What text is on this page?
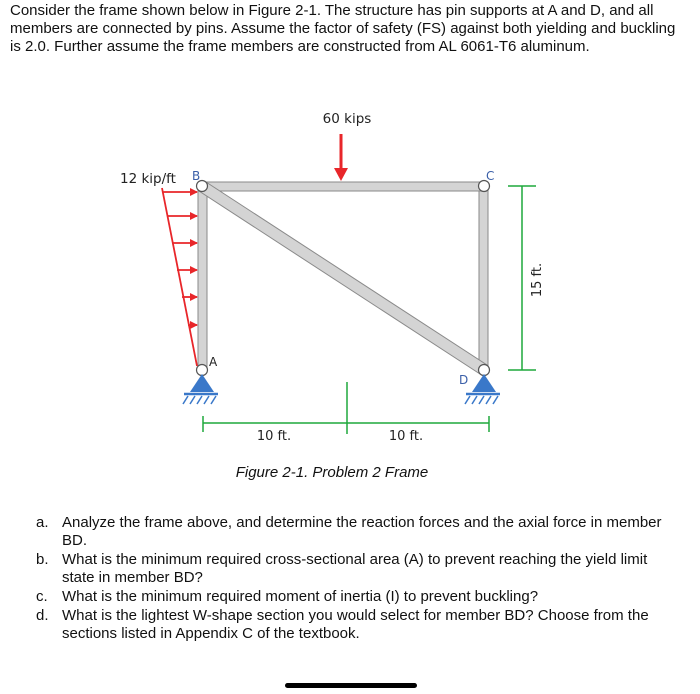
Consider the frame shown below in Figure 2-1. The structure has pin supports at A and D, and all members are connected by pins. Assume the factor of safety (FS) against both yielding and buckling is 2.0. Further assume the frame members are constructed from AL 6061-T6 aluminum.

60 kips
12 kip/ft B	C
A
D
10 ft.	10 ft.
15 ft.
Figure 2-1. Problem 2 Frame
a. Analyze the frame above, and determine the reaction forces and the axial force in member BD.
b. What is the minimum required cross-sectional area (A) to prevent reaching the yield limit state in member BD?
c. What is the minimum required moment of inertia (I) to prevent buckling?
d. What is the lightest W-shape section you would select for member BD? Choose from the sections listed in Appendix C of the textbook.
